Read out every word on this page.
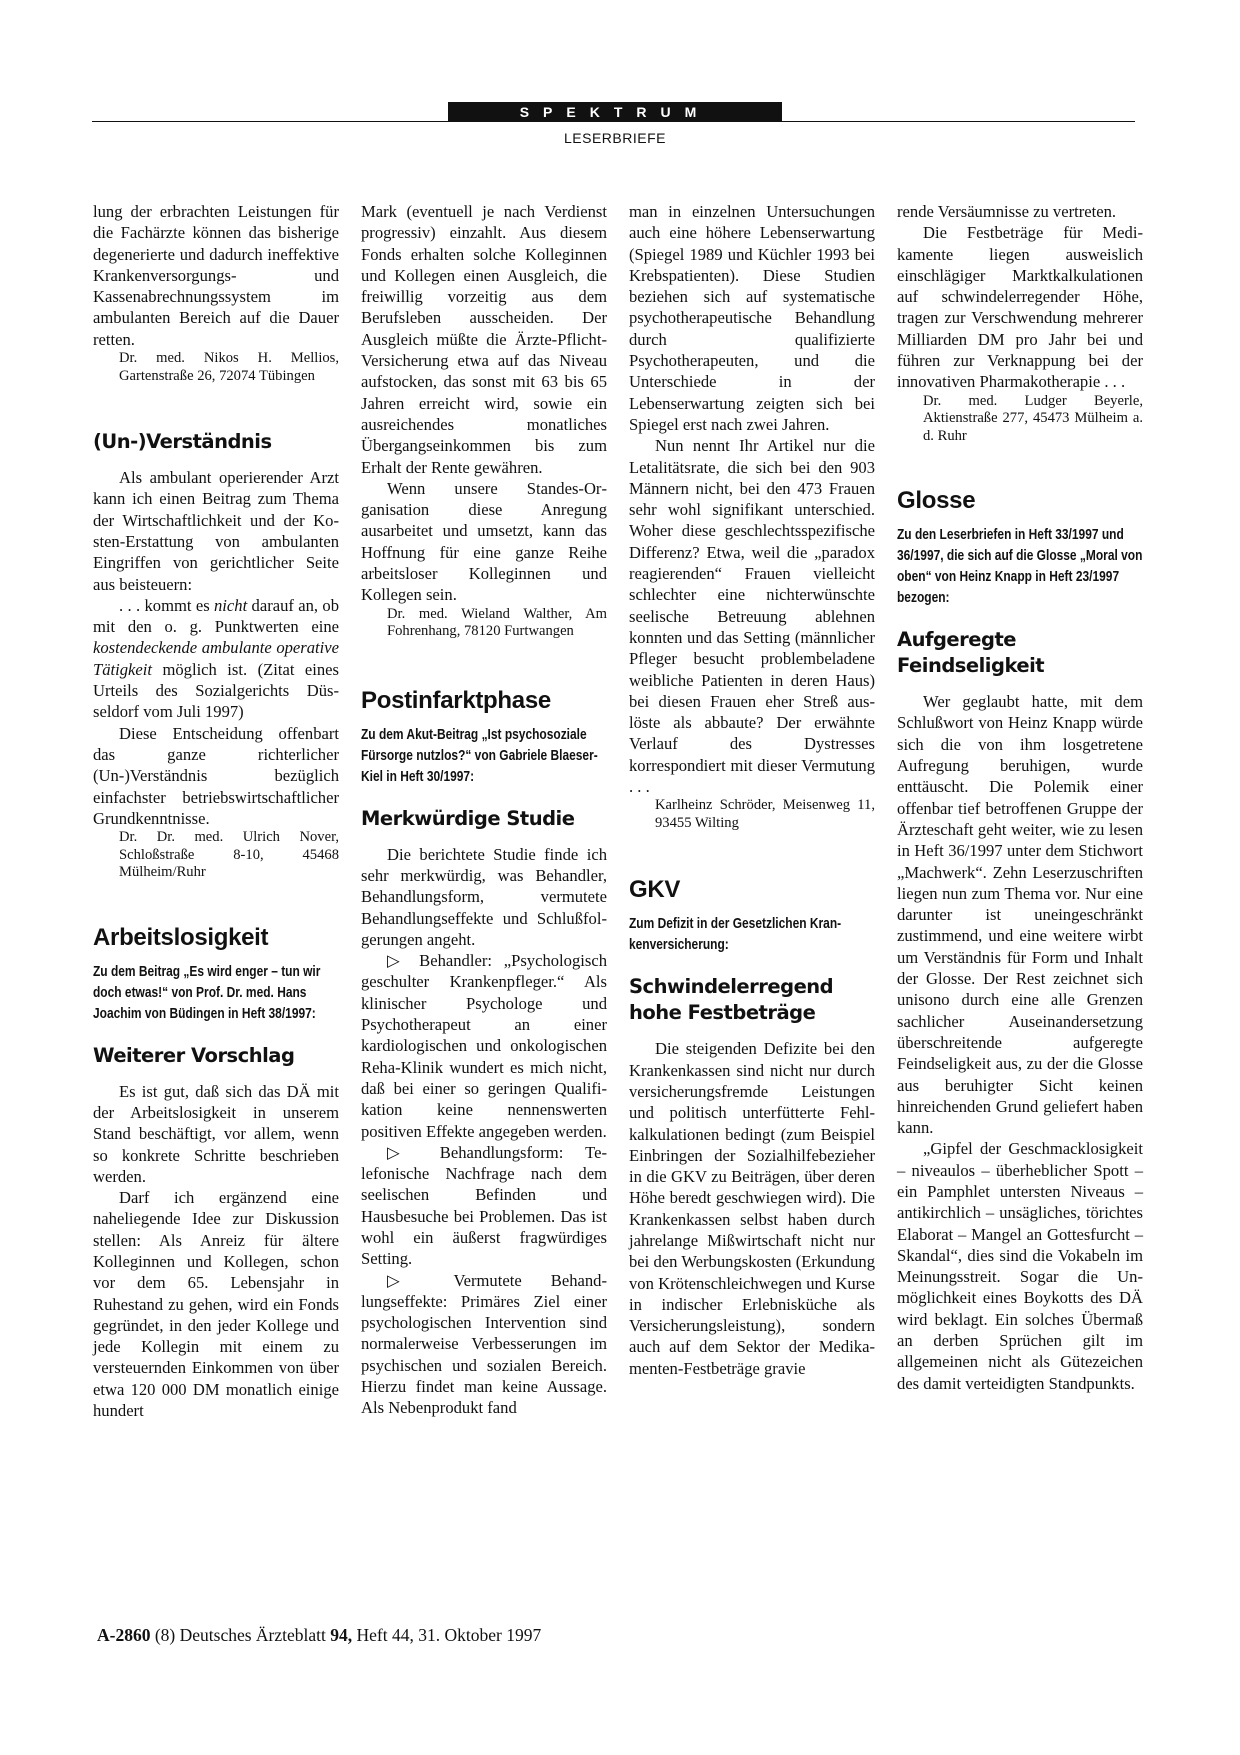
SPEKTRUM
LESERBRIEFE

lung der erbrachten Leistungen für die Fachärzte können das bisherige degenerierte und dadurch ineffektive Krankenversorgungs- und Kassenabrechnungssystem im ambulanten Bereich auf die Dauer retten.

Dr. med. Nikos H. Mellios, Gartenstraße 26, 72074 Tübingen

(Un-)Verständnis

Als ambulant operierender Arzt kann ich einen Beitrag zum Thema der Wirtschaftlichkeit und der Kosten-Erstattung von ambulanten Eingriffen von gerichtlicher Seite aus beisteuern:

. . . kommt es nicht darauf an, ob mit den o. g. Punktwerten eine kostendeckende ambulante operative Tätigkeit möglich ist. (Zitat eines Urteils des Sozialgerichts Düsseldorf vom Juli 1997)

Diese Entscheidung offenbart das ganze richterlicher (Un-)Verständnis bezüglich einfachster betriebswirtschaftlicher Grundkenntnisse.

Dr. Dr. med. Ulrich Nover, Schloßstraße 8-10, 45468 Mülheim/Ruhr

Arbeitslosigkeit
Zu dem Beitrag „Es wird enger – tun wir doch etwas!“ von Prof. Dr. med. Hans Joachim von Büdingen in Heft 38/1997:
Weiterer Vorschlag

Es ist gut, daß sich das DÄ mit der Arbeitslosigkeit in unserem Stand beschäftigt, vor allem, wenn so konkrete Schritte beschrieben werden.

Darf ich ergänzend eine naheliegende Idee zur Diskussion stellen: Als Anreiz für ältere Kolleginnen und Kollegen, schon vor dem 65. Lebensjahr in Ruhestand zu gehen, wird ein Fonds gegründet, in den jeder Kollege und jede Kollegin mit einem zu versteuernden Einkommen von über etwa 120 000 DM monatlich einige hundert

Mark (eventuell je nach Verdienst progressiv) einzahlt. Aus diesem Fonds erhalten solche Kolleginnen und Kollegen einen Ausgleich, die freiwillig vorzeitig aus dem Berufsleben ausscheiden. Der Ausgleich müßte die Ärzte-Pflicht-Versicherung etwa auf das Niveau aufstocken, das sonst mit 63 bis 65 Jahren erreicht wird, sowie ein ausreichendes monatliches Übergangseinkommen bis zum Erhalt der Rente gewähren.

Wenn unsere Standes-Organisation diese Anregung ausarbeitet und umsetzt, kann das Hoffnung für eine ganze Reihe arbeitsloser Kolleginnen und Kollegen sein.

Dr. med. Wieland Walther, Am Fohrenhang, 78120 Furtwangen

Postinfarktphase
Zu dem Akut-Beitrag „Ist psychosoziale Fürsorge nutzlos?“ von Gabriele Blaeser-Kiel in Heft 30/1997:
Merkwürdige Studie

Die berichtete Studie finde ich sehr merkwürdig, was Behandler, Behandlungsform, vermutete Behandlungseffekte und Schlußfolgerungen angeht.

▷ Behandler: „Psychologisch geschulter Krankenpfleger.“ Als klinischer Psychologe und Psychotherapeut an einer kardiologischen und onkologischen Reha-Klinik wundert es mich nicht, daß bei einer so geringen Qualifikation keine nennenswerten positiven Effekte angegeben werden.

▷ Behandlungsform: Telefonische Nachfrage nach dem seelischen Befinden und Hausbesuche bei Problemen. Das ist wohl ein äußerst fragwürdiges Setting.

▷ Vermutete Behandlungseffekte: Primäres Ziel einer psychologischen Intervention sind normalerweise Verbesserungen im psychischen und sozialen Bereich. Hierzu findet man keine Aussage. Als Nebenprodukt fand

man in einzelnen Untersuchungen auch eine höhere Lebenserwartung (Spiegel 1989 und Küchler 1993 bei Krebspatienten). Diese Studien beziehen sich auf systematische psychotherapeutische Behandlung durch qualifizierte Psychotherapeuten, und die Unterschiede in der Lebenserwartung zeigten sich bei Spiegel erst nach zwei Jahren.

Nun nennt Ihr Artikel nur die Letalitätsrate, die sich bei den 903 Männern nicht, bei den 473 Frauen sehr wohl signifikant unterschied. Woher diese geschlechtsspezifische Differenz? Etwa, weil die „paradox reagierenden“ Frauen vielleicht schlechter eine nichterwünschte seelische Betreuung ablehnen konnten und das Setting (männlicher Pfleger besucht problembeladene weibliche Patienten in deren Haus) bei diesen Frauen eher Streß auslöste als abbaute? Der erwähnte Verlauf des Dystresses korrespondiert mit dieser Vermutung . . .

Karlheinz Schröder, Meisenweg 11, 93455 Wilting

GKV
Zum Defizit in der Gesetzlichen Krankenversicherung:
Schwindelerregend hohe Festbeträge

Die steigenden Defizite bei den Krankenkassen sind nicht nur durch versicherungsfremde Leistungen und politisch unterfütterte Fehlkalkulationen bedingt (zum Beispiel Einbringen der Sozialhilfebezieher in die GKV zu Beiträgen, über deren Höhe beredt geschwiegen wird). Die Krankenkassen selbst haben durch jahrelange Mißwirtschaft nicht nur bei den Werbungskosten (Erkundung von Krötenschleichwegen und Kurse in indischer Erlebnisküche als Versicherungsleistung), sondern auch auf dem Sektor der Medikamenten-Festbeträge gravie

rende Versäumnisse zu vertreten.

Die Festbeträge für Medikamente liegen ausweislich einschlägiger Marktkalkulationen auf schwindelerregender Höhe, tragen zur Verschwendung mehrerer Milliarden DM pro Jahr bei und führen zur Verknappung bei der innovativen Pharmakotherapie . . .

Dr. med. Ludger Beyerle, Aktienstraße 277, 45473 Mülheim a. d. Ruhr

Glosse
Zu den Leserbriefen in Heft 33/1997 und 36/1997, die sich auf die Glosse „Moral von oben“ von Heinz Knapp in Heft 23/1997 bezogen:
Aufgeregte Feindseligkeit

Wer geglaubt hatte, mit dem Schlußwort von Heinz Knapp würde sich die von ihm losgetretene Aufregung beruhigen, wurde enttäuscht. Die Polemik einer offenbar tief betroffenen Gruppe der Ärzteschaft geht weiter, wie zu lesen in Heft 36/1997 unter dem Stichwort „Machwerk“. Zehn Leserzuschriften liegen nun zum Thema vor. Nur eine darunter ist uneingeschränkt zustimmend, und eine weitere wirbt um Verständnis für Form und Inhalt der Glosse. Der Rest zeichnet sich unisono durch eine alle Grenzen sachlicher Auseinandersetzung überschreitende aufgeregte Feindseligkeit aus, zu der die Glosse aus beruhigter Sicht keinen hinreichenden Grund geliefert haben kann.

„Gipfel der Geschmacklosigkeit – niveaulos – überheblicher Spott – ein Pamphlet untersten Niveaus – antikirchlich – unsägliches, törichtes Elaborat – Mangel an Gottesfurcht – Skandal“, dies sind die Vokabeln im Meinungsstreit. Sogar die Unmöglichkeit eines Boykotts des DÄ wird beklagt. Ein solches Übermaß an derben Sprüchen gilt im allgemeinen nicht als Gütezeichen des damit verteidigten Standpunkts.

A-2860 (8) Deutsches Ärzteblatt 94, Heft 44, 31. Oktober 1997
